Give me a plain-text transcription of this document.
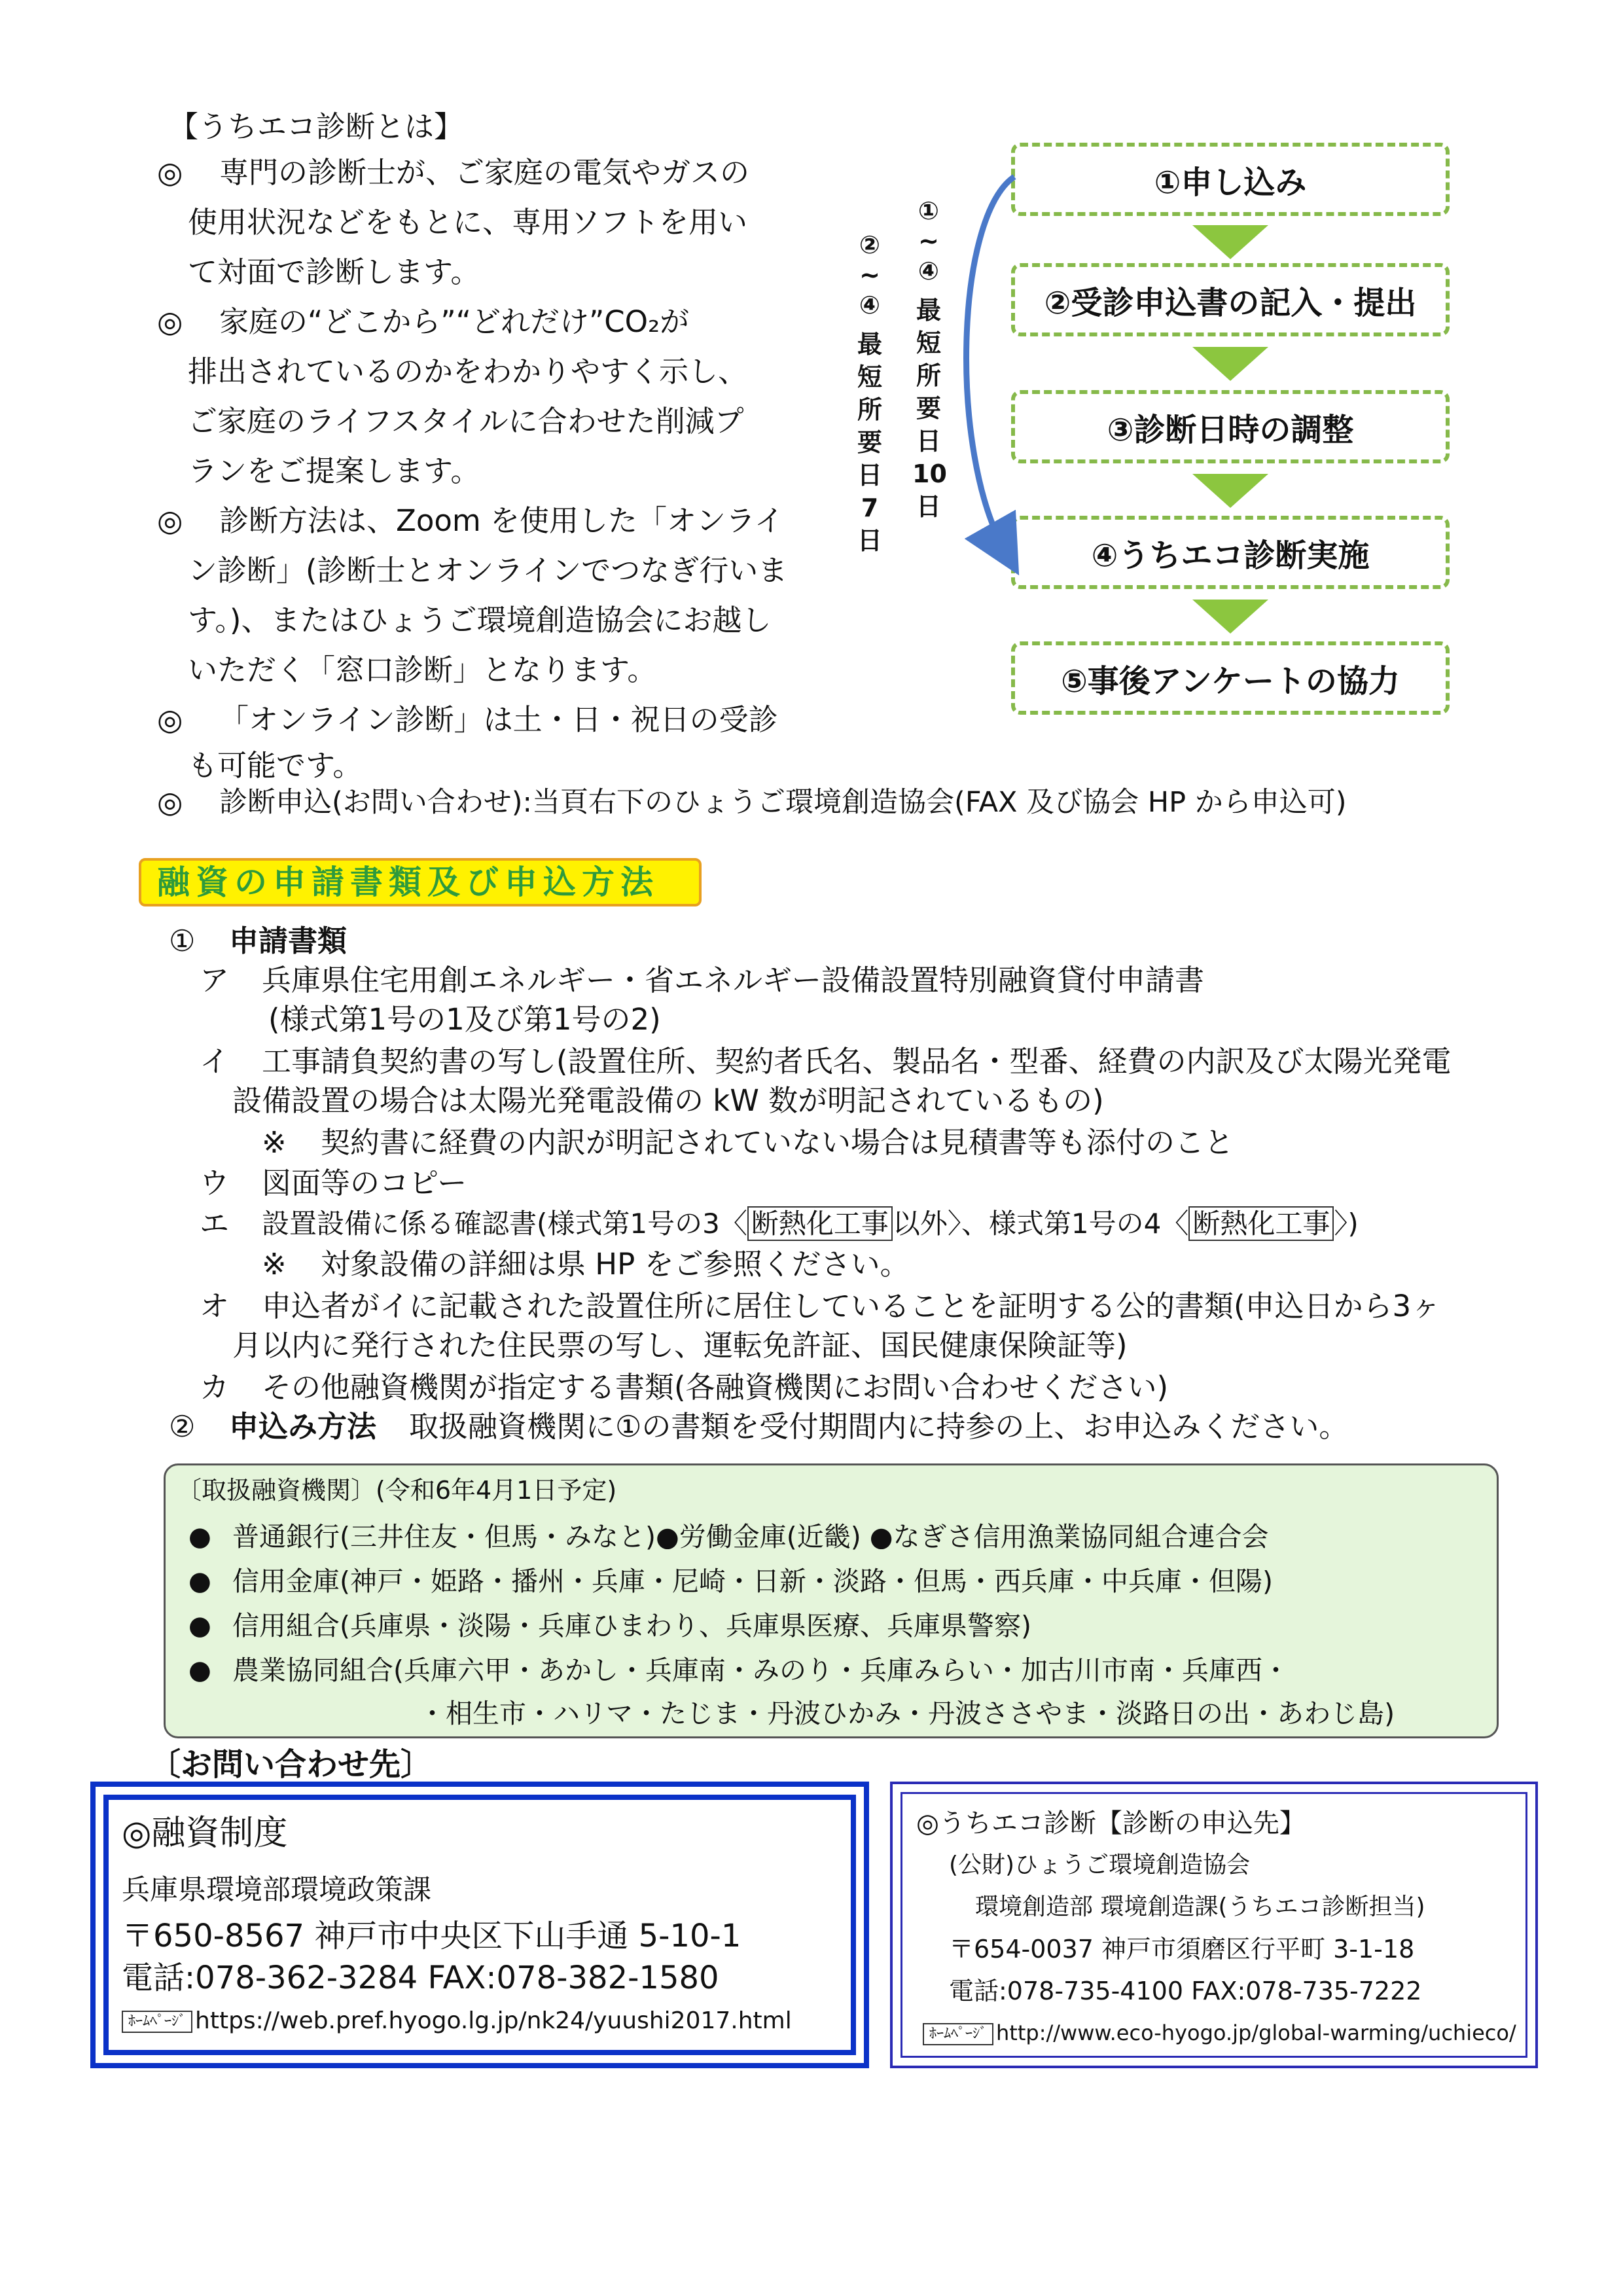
【うちエコ診断とは】
◎ 専門の診断士が、ご家庭の電気やガスの
使用状況などをもとに、専用ソフトを用い
て対面で診断します。
◎ 家庭の“どこから”“どれだけ”CO₂が
排出されているのかをわかりやすく示し、
ご家庭のライフスタイルに合わせた削減プ
ランをご提案します。
◎ 診断方法は、Zoom を使用した「オンライ
ン診断」(診断士とオンラインでつなぎ行いま
す。)、またはひょうご環境創造協会にお越し
いただく「窓口診断」となります。
◎ 「オンライン診断」は土・日・祝日の受診
も可能です。
◎ 診断申込(お問い合わせ):当頁右下のひょうご環境創造協会(FAX 及び協会 HP から申込可)
①申し込み
②受診申込書の記入・提出
③診断日時の調整
④うちエコ診断実施
⑤事後アンケートの協力
②
~
④
最
短
所
要
日
7
日
①
~
④
最
短
所
要
日
10
日
融資の申請書類及び申込方法
① 申請書類
ア 兵庫県住宅用創エネルギー・省エネルギー設備設置特別融資貸付申請書
(様式第1号の1及び第1号の2)
イ 工事請負契約書の写し(設置住所、契約者氏名、製品名・型番、経費の内訳及び太陽光発電
設備設置の場合は太陽光発電設備の kW 数が明記されているもの)
※ 契約書に経費の内訳が明記されていない場合は見積書等も添付のこと
ウ 図面等のコピー
エ 設置設備に係る確認書(様式第1号の3〈 断熱化工事 以外〉、様式第1号の4〈 断熱化工事 〉)
※ 対象設備の詳細は県 HP をご参照ください。
オ 申込者がイに記載された設置住所に居住していることを証明する公的書類(申込日から3ヶ
月以内に発行された住民票の写し、運転免許証、国民健康保険証等)
カ その他融資機関が指定する書類(各融資機関にお問い合わせください)
② 申込み方法 取扱融資機関に①の書類を受付期間内に持参の上、お申込みください。
〔取扱融資機関〕(令和6年4月1日予定)
● 普通銀行(三井住友・但馬・みなと)●労働金庫(近畿) ●なぎさ信用漁業協同組合連合会
● 信用金庫(神戸・姫路・播州・兵庫・尼崎・日新・淡路・但馬・西兵庫・中兵庫・但陽)
● 信用組合(兵庫県・淡陽・兵庫ひまわり、兵庫県医療、兵庫県警察)
● 農業協同組合(兵庫六甲・あかし・兵庫南・みのり・兵庫みらい・加古川市南・兵庫西・
・相生市・ハリマ・たじま・丹波ひかみ・丹波ささやま・淡路日の出・あわじ島)
〔お問い合わせ先〕
◎融資制度
兵庫県環境部環境政策課
〒650-8567 神戸市中央区下山手通 5-10-1
電話:078-362-3284 FAX:078-382-1580
ﾎｰﾑﾍﾟｰｼﾞ https://web.pref.hyogo.lg.jp/nk24/yuushi2017.html
◎うちエコ診断【診断の申込先】
(公財)ひょうご環境創造協会
環境創造部 環境創造課(うちエコ診断担当)
〒654-0037 神戸市須磨区行平町 3-1-18
電話:078-735-4100 FAX:078-735-7222
ﾎｰﾑﾍﾟｰｼﾞ http://www.eco-hyogo.jp/global-warming/uchieco/
